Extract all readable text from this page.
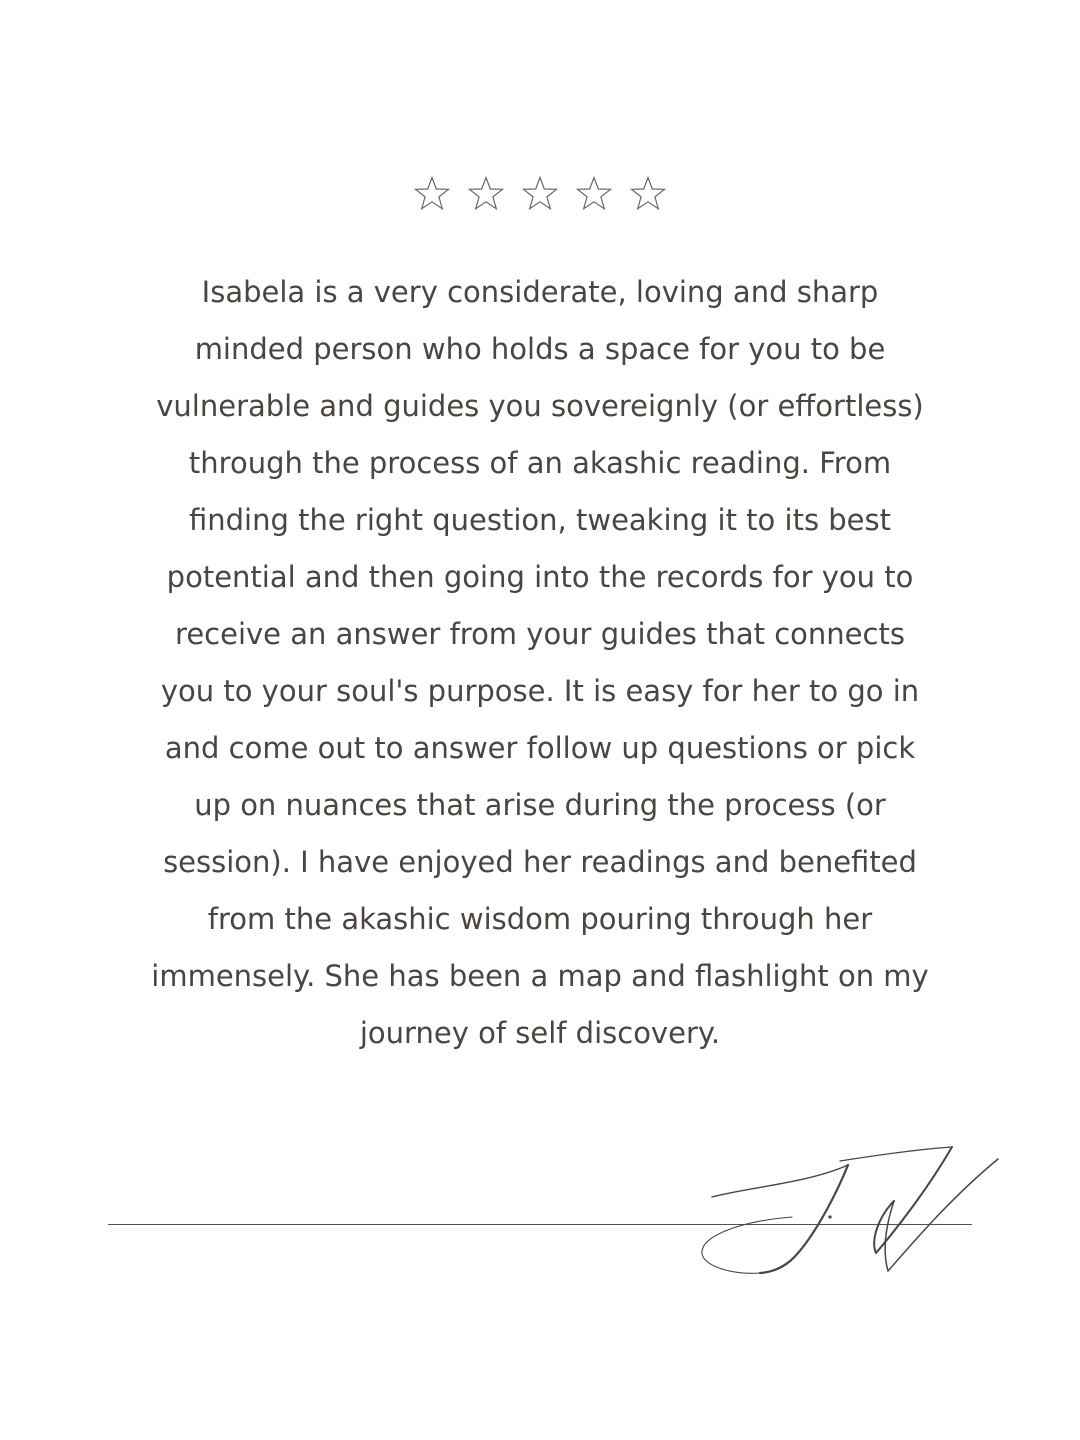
Isabela is a very considerate, loving and sharp minded person who holds a space for you to be vulnerable and guides you sovereignly (or effortless) through the process of an akashic reading. From finding the right question, tweaking it to its best potential and then going into the records for you to receive an answer from your guides that connects you to your soul's purpose. It is easy for her to go in and come out to answer follow up questions or pick up on nuances that arise during the process (or session). I have enjoyed her readings and benefited from the akashic wisdom pouring through her immensely. She has been a map and flashlight on my journey of self discovery.
